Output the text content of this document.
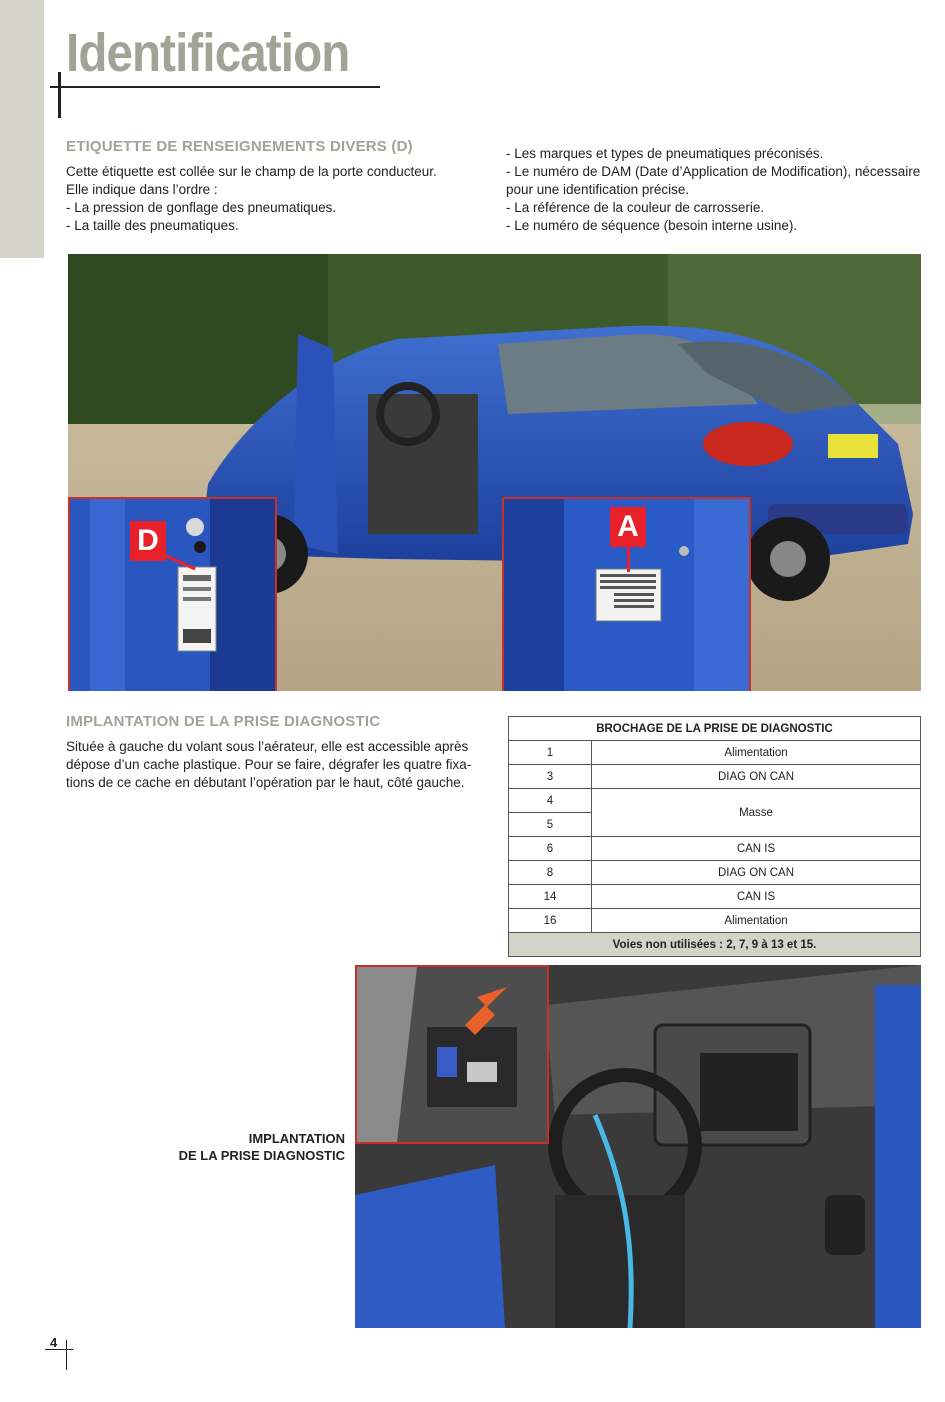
Identification
ETIQUETTE DE RENSEIGNEMENTS DIVERS (D)
Cette étiquette est collée sur le champ de la porte conducteur.
Elle indique dans l’ordre :
- La pression de gonflage des pneumatiques.
- La taille des pneumatiques.
- Les marques et types de pneumatiques préconisés.
- Le numéro de DAM (Date d’Application de Modification), nécessaire
pour une identification précise.
- La référence de la couleur de carrosserie.
- Le numéro de séquence (besoin interne usine).
D	A
IMPLANTATION DE LA PRISE DIAGNOSTIC
Située à gauche du volant sous l’aérateur, elle est accessible après
dépose d’un cache plastique. Pour se faire, dégrafer les quatre fixa-
tions de ce cache en débutant l’opération par le haut, côté gauche.
BROCHAGE DE LA PRISE DE DIAGNOSTIC	
1	Alimentation
3	DIAG ON CAN
4	Masse
5	
6	CAN IS
8	DIAG ON CAN
14	CAN IS
16	Alimentation
Voies non utilisées : 2, 7, 9 à 13 et 15.	
IMPLANTATION
DE LA PRISE DIAGNOSTIC
4
